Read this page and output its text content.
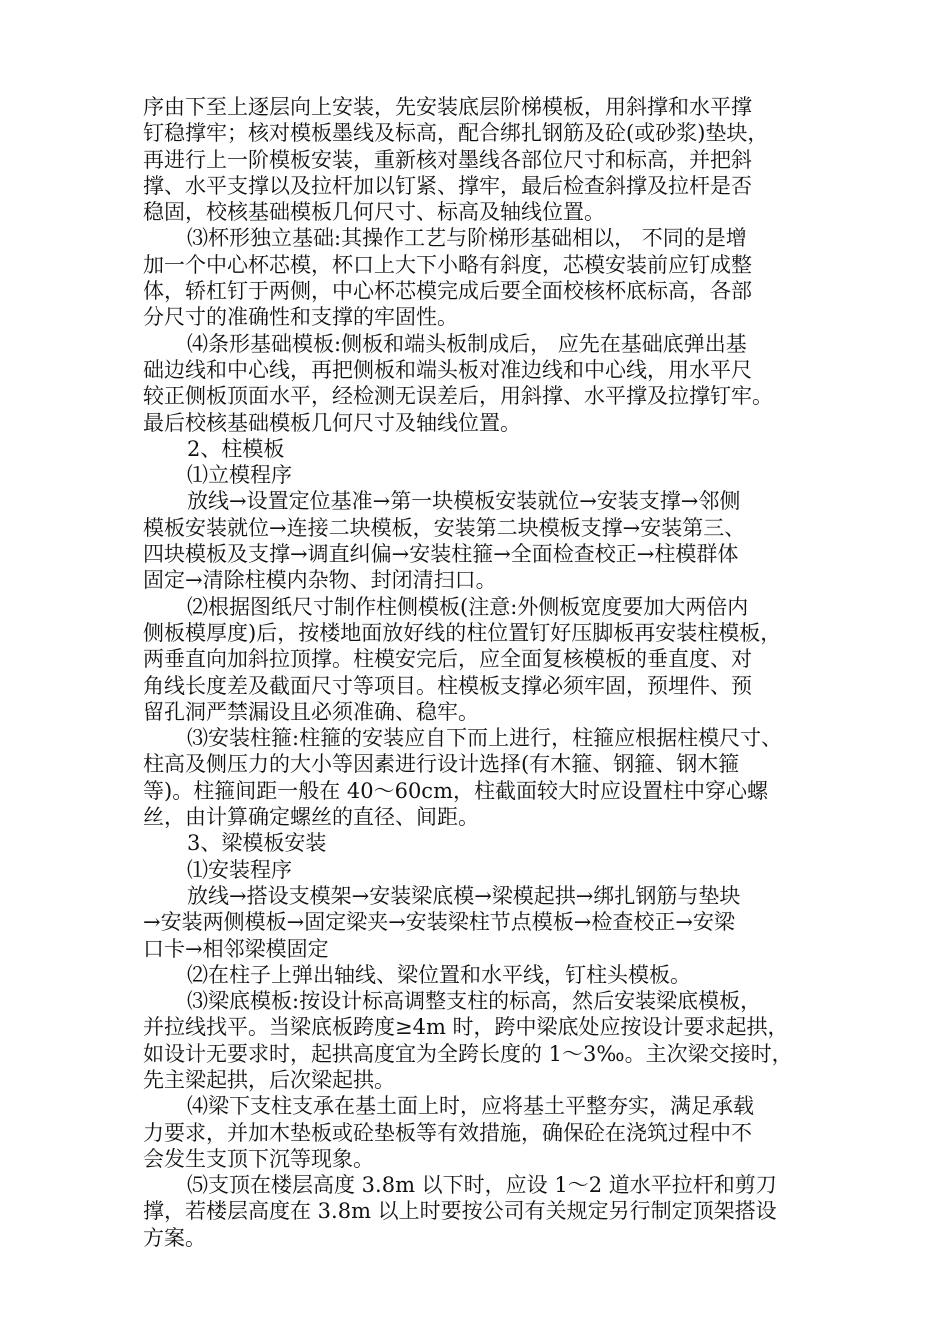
序由下至上逐层向上安装，先安装底层阶梯模板，用斜撑和水平撑
钉稳撑牢；核对模板墨线及标高，配合绑扎钢筋及砼(或砂浆)垫块，
再进行上一阶模板安装，重新核对墨线各部位尺寸和标高，并把斜
撑、水平支撑以及拉杆加以钉紧、撑牢，最后检查斜撑及拉杆是否
稳固，校核基础模板几何尺寸、标高及轴线位置。
⑶杯形独立基础:其操作工艺与阶梯形基础相以， 不同的是增
加一个中心杯芯模，杯口上大下小略有斜度，芯模安装前应钉成整
体，轿杠钉于两侧，中心杯芯模完成后要全面校核杯底标高，各部
分尺寸的准确性和支撑的牢固性。
⑷条形基础模板:侧板和端头板制成后， 应先在基础底弹出基
础边线和中心线，再把侧板和端头板对准边线和中心线，用水平尺
较正侧板顶面水平，经检测无误差后，用斜撑、水平撑及拉撑钉牢。
最后校核基础模板几何尺寸及轴线位置。
2、柱模板
⑴立模程序
放线→设置定位基准→第一块模板安装就位→安装支撑→邻侧
模板安装就位→连接二块模板，安装第二块模板支撑→安装第三、
四块模板及支撑→调直纠偏→安装柱箍→全面检查校正→柱模群体
固定→清除柱模内杂物、封闭清扫口。
⑵根据图纸尺寸制作柱侧模板(注意:外侧板宽度要加大两倍内
侧板模厚度)后，按楼地面放好线的柱位置钉好压脚板再安装柱模板，
两垂直向加斜拉顶撑。柱模安完后，应全面复核模板的垂直度、对
角线长度差及截面尺寸等项目。柱模板支撑必须牢固，预埋件、预
留孔洞严禁漏设且必须准确、稳牢。
⑶安装柱箍:柱箍的安装应自下而上进行，柱箍应根据柱模尺寸、
柱高及侧压力的大小等因素进行设计选择(有木箍、钢箍、钢木箍
等)。柱箍间距一般在 40～60cm，柱截面较大时应设置柱中穿心螺
丝，由计算确定螺丝的直径、间距。
3、梁模板安装
⑴安装程序
放线→搭设支模架→安装梁底模→梁模起拱→绑扎钢筋与垫块
→安装两侧模板→固定梁夹→安装梁柱节点模板→检查校正→安梁
口卡→相邻梁模固定
⑵在柱子上弹出轴线、梁位置和水平线，钉柱头模板。
⑶梁底模板:按设计标高调整支柱的标高，然后安装梁底模板，
并拉线找平。当梁底板跨度≥4m 时，跨中梁底处应按设计要求起拱，
如设计无要求时，起拱高度宜为全跨长度的 1～3‰。主次梁交接时，
先主梁起拱，后次梁起拱。
⑷梁下支柱支承在基土面上时，应将基土平整夯实，满足承载
力要求，并加木垫板或砼垫板等有效措施，确保砼在浇筑过程中不
会发生支顶下沉等现象。
⑸支顶在楼层高度 3.8m 以下时，应设 1～2 道水平拉杆和剪刀
撑，若楼层高度在 3.8m 以上时要按公司有关规定另行制定顶架搭设
方案。
